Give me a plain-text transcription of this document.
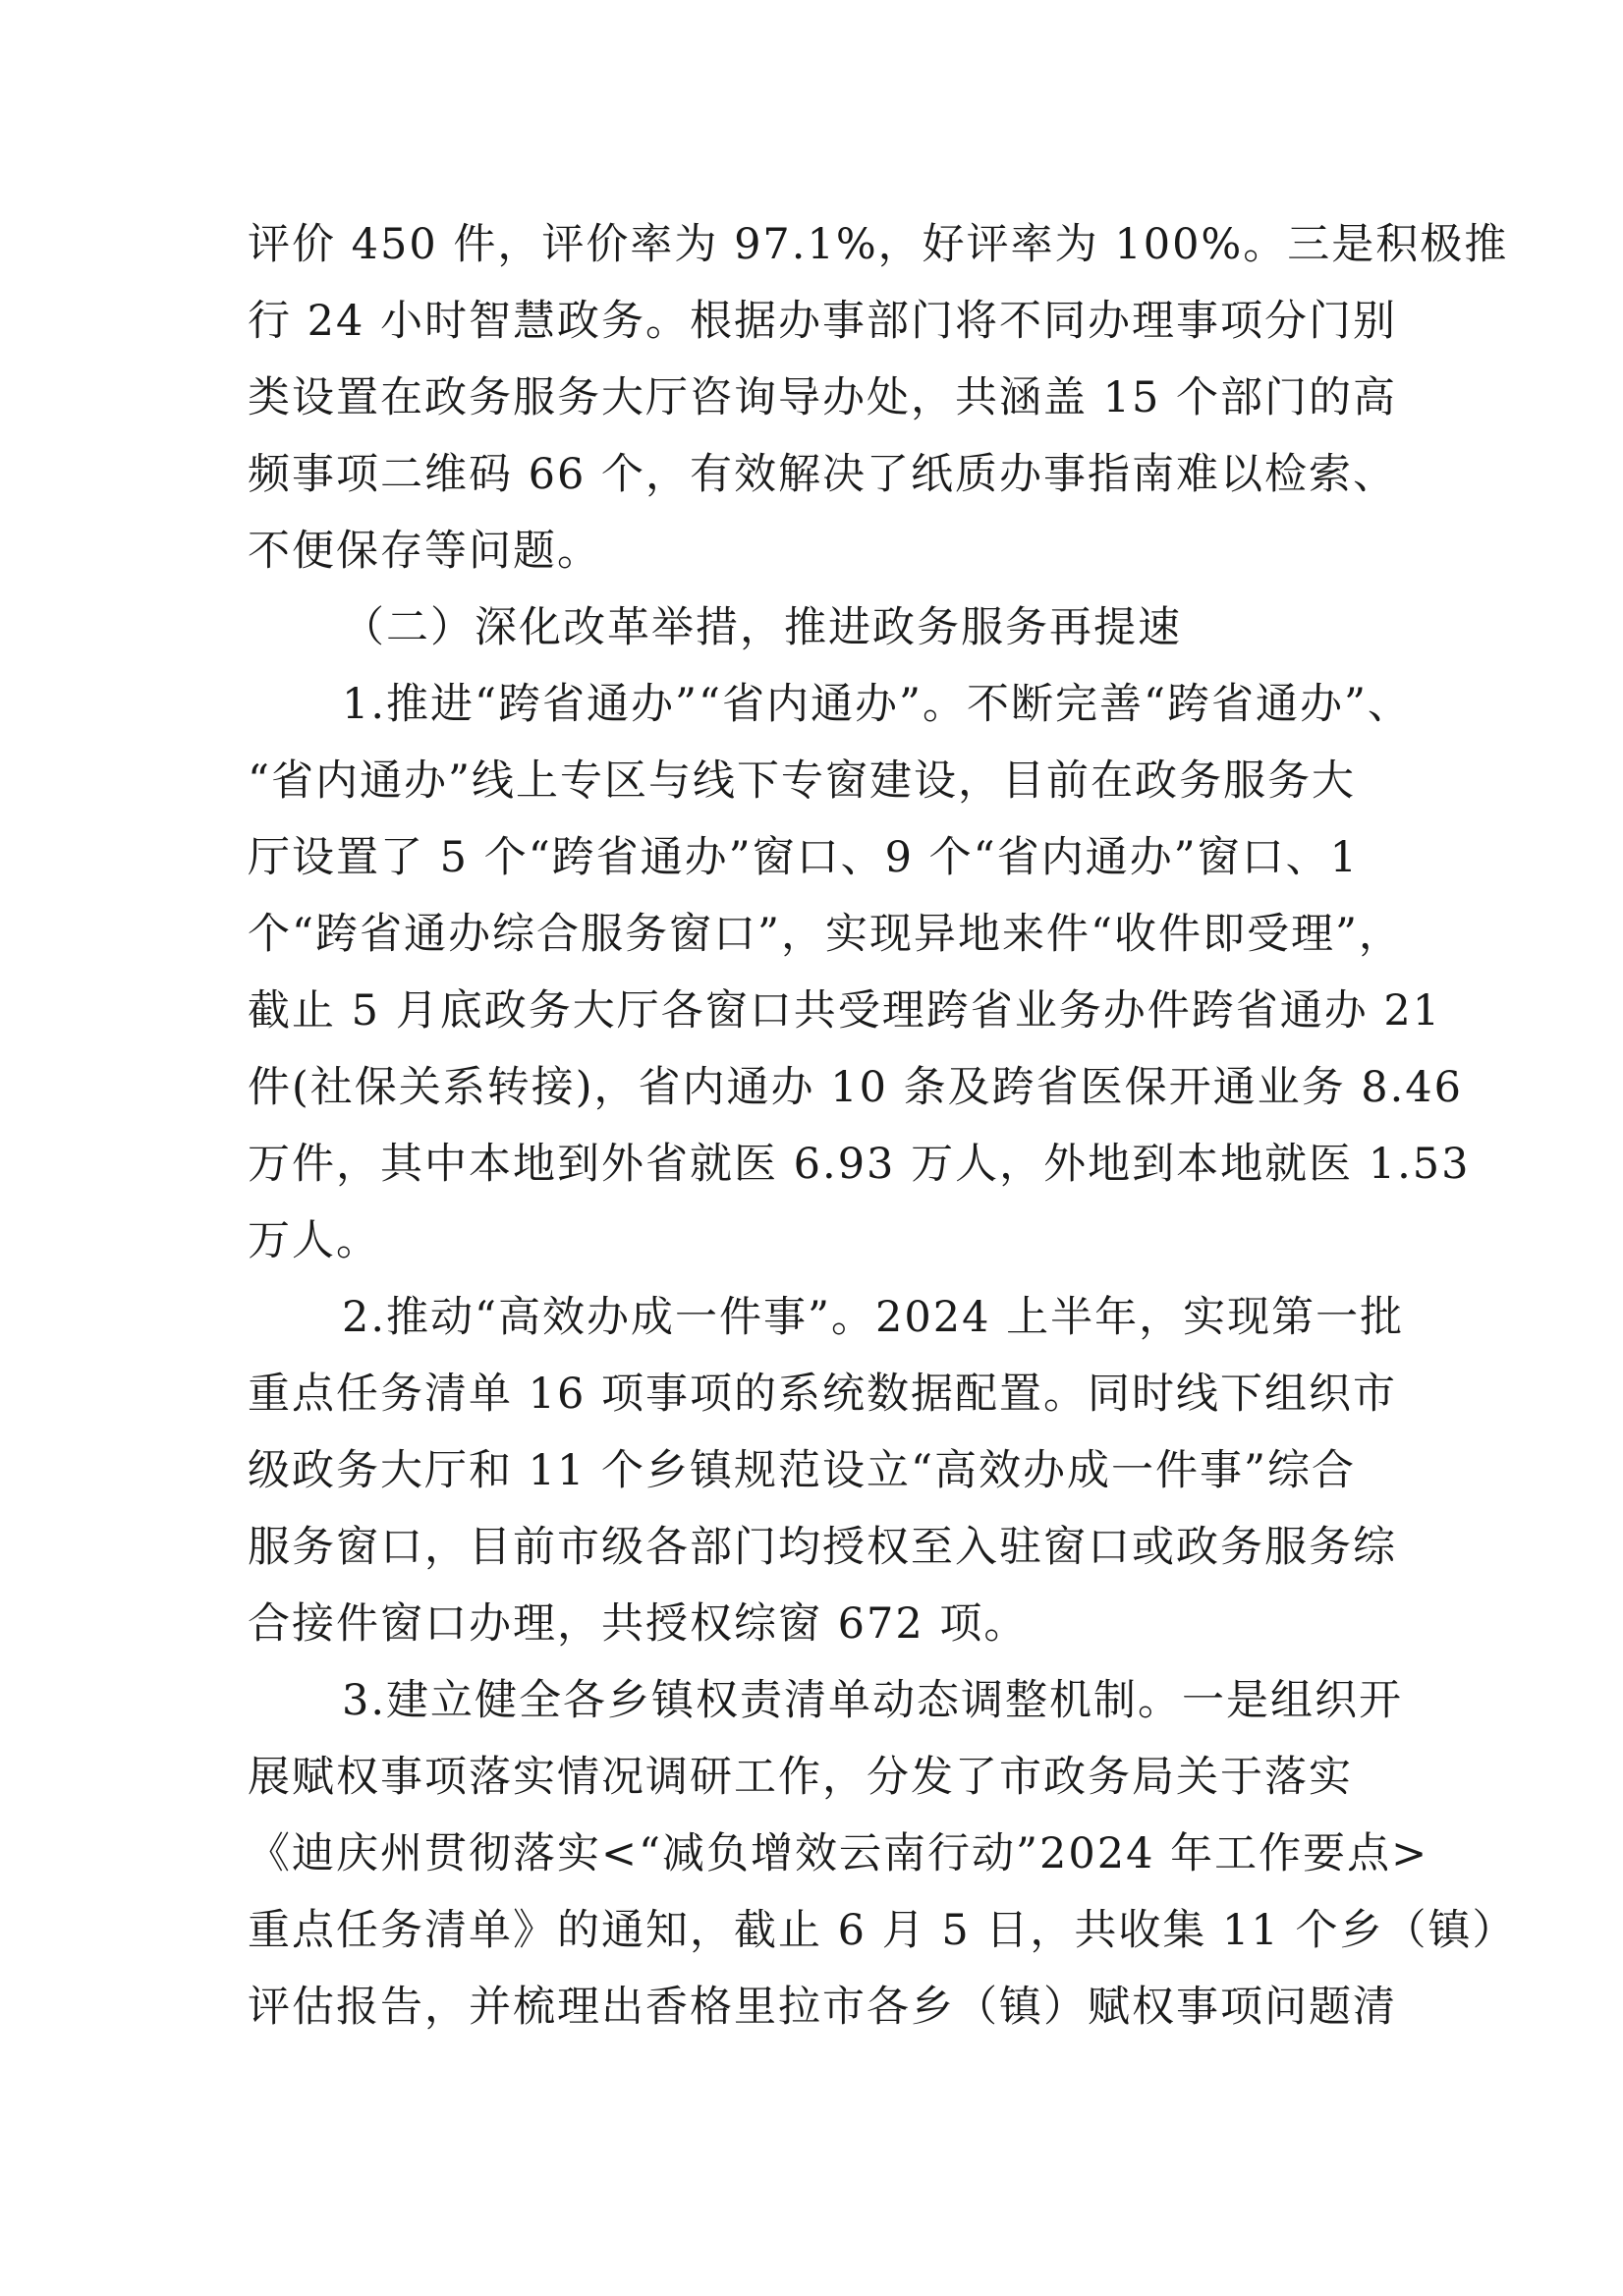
评价 450 件，评价率为 97.1%，好评率为 100%。三是积极推
行 24 小时智慧政务。根据办事部门将不同办理事项分门别
类设置在政务服务大厅咨询导办处，共涵盖 15 个部门的高
频事项二维码 66 个，有效解决了纸质办事指南难以检索、
不便保存等问题。
（二）深化改革举措，推进政务服务再提速
1.推进“跨省通办”“省内通办”。不断完善“跨省通办”、
“省内通办”线上专区与线下专窗建设，目前在政务服务大
厅设置了 5 个“跨省通办”窗口、9 个“省内通办”窗口、1
个“跨省通办综合服务窗口”，实现异地来件“收件即受理”，
截止 5 月底政务大厅各窗口共受理跨省业务办件跨省通办 21
件(社保关系转接)，省内通办 10 条及跨省医保开通业务 8.46
万件，其中本地到外省就医 6.93 万人，外地到本地就医 1.53
万人。
2.推动“高效办成一件事”。2024 上半年，实现第一批
重点任务清单 16 项事项的系统数据配置。同时线下组织市
级政务大厅和 11 个乡镇规范设立“高效办成一件事”综合
服务窗口，目前市级各部门均授权至入驻窗口或政务服务综
合接件窗口办理，共授权综窗 672 项。
3.建立健全各乡镇权责清单动态调整机制。一是组织开
展赋权事项落实情况调研工作，分发了市政务局关于落实
《迪庆州贯彻落实<“减负增效云南行动”2024 年工作要点>
重点任务清单》的通知，截止 6 月 5 日，共收集 11 个乡（镇）
评估报告，并梳理出香格里拉市各乡（镇）赋权事项问题清
